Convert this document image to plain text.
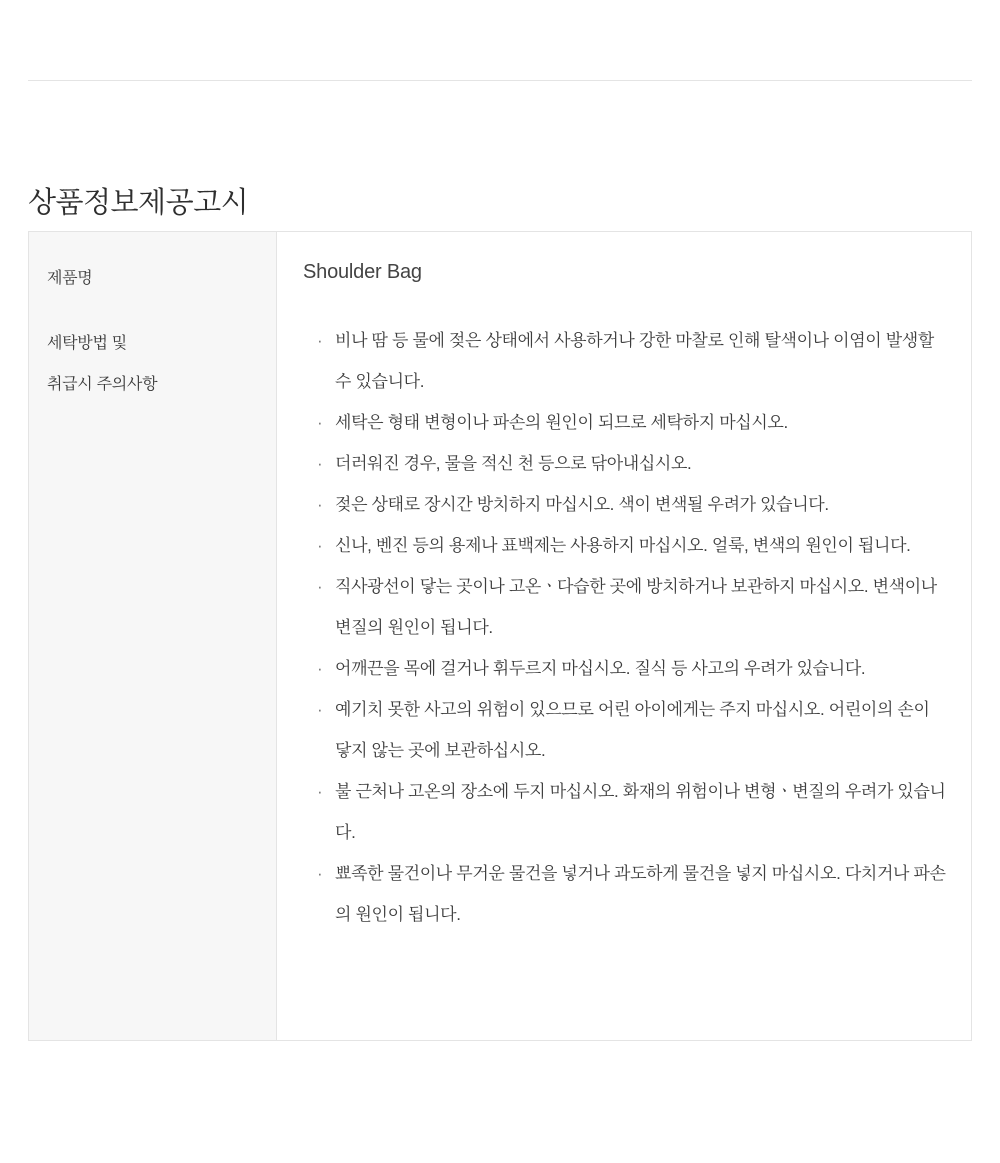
상품정보제공고시
제품명
세탁방법 및
취급시 주의사항
Shoulder Bag
· 비나 땀 등 물에 젖은 상태에서 사용하거나 강한 마찰로 인해 탈색이나 이염이 발생할 수 있습니다.
· 세탁은 형태 변형이나 파손의 원인이 되므로 세탁하지 마십시오.
· 더러워진 경우, 물을 적신 천 등으로 닦아내십시오.
· 젖은 상태로 장시간 방치하지 마십시오. 색이 변색될 우려가 있습니다.
· 신나, 벤진 등의 용제나 표백제는 사용하지 마십시오. 얼룩, 변색의 원인이 됩니다.
· 직사광선이 닿는 곳이나 고온ㆍ다습한 곳에 방치하거나 보관하지 마십시오. 변색이나 변질의 원인이 됩니다.
· 어깨끈을 목에 걸거나 휘두르지 마십시오. 질식 등 사고의 우려가 있습니다.
· 예기치 못한 사고의 위험이 있으므로 어린 아이에게는 주지 마십시오. 어린이의 손이 닿지 않는 곳에 보관하십시오.
· 불 근처나 고온의 장소에 두지 마십시오. 화재의 위험이나 변형ㆍ변질의 우려가 있습니다.
· 뾰족한 물건이나 무거운 물건을 넣거나 과도하게 물건을 넣지 마십시오. 다치거나 파손의 원인이 됩니다.
